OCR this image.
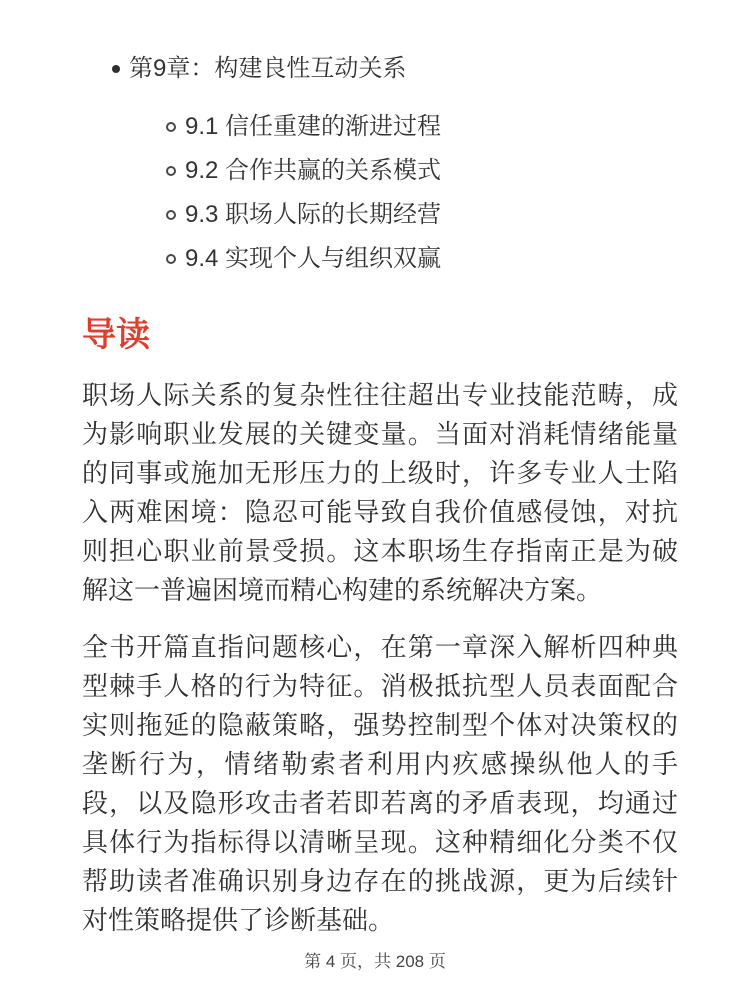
第9章：构建良性互动关系
9.1 信任重建的渐进过程
9.2 合作共赢的关系模式
9.3 职场人际的长期经营
9.4 实现个人与组织双赢
导读

职场人际关系的复杂性往往超出专业技能范畴，成为影响职业发展的关键变量。当面对消耗情绪能量的同事或施加无形压力的上级时，许多专业人士陷入两难困境：隐忍可能导致自我价值感侵蚀，对抗则担心职业前景受损。这本职场生存指南正是为破解这一普遍困境而精心构建的系统解决方案。

全书开篇直指问题核心，在第一章深入解析四种典型棘手人格的行为特征。消极抵抗型人员表面配合实则拖延的隐蔽策略，强势控制型个体对决策权的垄断行为，情绪勒索者利用内疚感操纵他人的手段，以及隐形攻击者若即若离的矛盾表现，均通过具体行为指标得以清晰呈现。这种精细化分类不仅帮助读者准确识别身边存在的挑战源，更为后续针对性策略提供了诊断基础。

第 4 页，共 208 页
